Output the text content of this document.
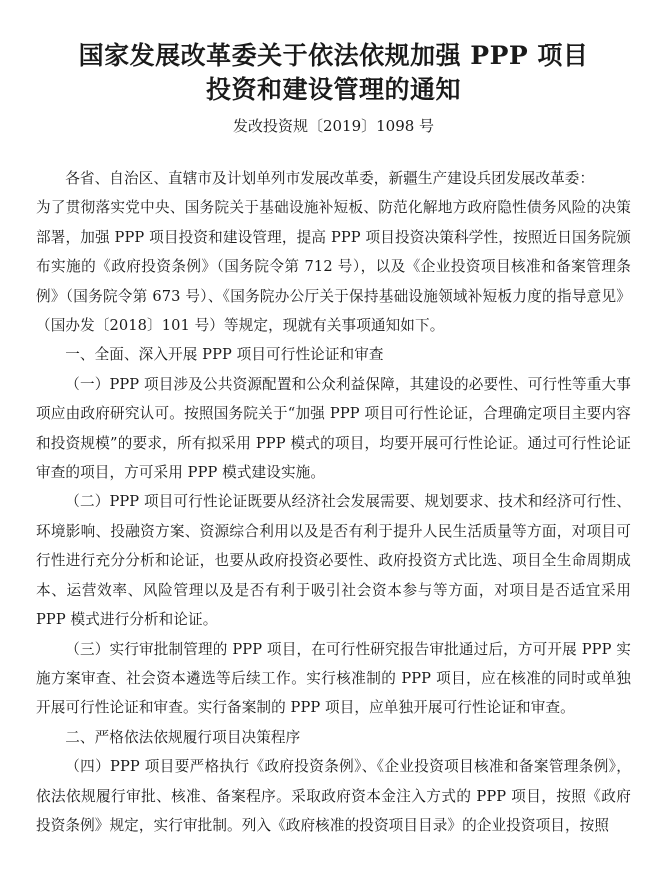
国家发展改革委关于依法依规加强 PPP 项目
投资和建设管理的通知
发改投资规〔2019〕1098 号

各省、自治区、直辖市及计划单列市发展改革委，新疆生产建设兵团发展改革委：

为了贯彻落实党中央、国务院关于基础设施补短板、防范化解地方政府隐性债务风险的决策部署，加强 PPP 项目投资和建设管理，提高 PPP 项目投资决策科学性，按照近日国务院颁布实施的《政府投资条例》（国务院令第 712 号），以及《企业投资项目核准和备案管理条例》（国务院令第 673 号）、《国务院办公厅关于保持基础设施领域补短板力度的指导意见》（国办发〔2018〕101 号）等规定，现就有关事项通知如下。

一、全面、深入开展 PPP 项目可行性论证和审查

（一）PPP 项目涉及公共资源配置和公众利益保障，其建设的必要性、可行性等重大事项应由政府研究认可。按照国务院关于“加强 PPP 项目可行性论证，合理确定项目主要内容和投资规模”的要求，所有拟采用 PPP 模式的项目，均要开展可行性论证。通过可行性论证审查的项目，方可采用 PPP 模式建设实施。

（二）PPP 项目可行性论证既要从经济社会发展需要、规划要求、技术和经济可行性、环境影响、投融资方案、资源综合利用以及是否有利于提升人民生活质量等方面，对项目可行性进行充分分析和论证，也要从政府投资必要性、政府投资方式比选、项目全生命周期成本、运营效率、风险管理以及是否有利于吸引社会资本参与等方面，对项目是否适宜采用 PPP 模式进行分析和论证。

（三）实行审批制管理的 PPP 项目，在可行性研究报告审批通过后，方可开展 PPP 实施方案审查、社会资本遴选等后续工作。实行核准制的 PPP 项目，应在核准的同时或单独开展可行性论证和审查。实行备案制的 PPP 项目，应单独开展可行性论证和审查。

二、严格依法依规履行项目决策程序

（四）PPP 项目要严格执行《政府投资条例》、《企业投资项目核准和备案管理条例》，依法依规履行审批、核准、备案程序。采取政府资本金注入方式的 PPP 项目，按照《政府投资条例》规定，实行审批制。列入《政府核准的投资项目目录》的企业投资项目，按照
